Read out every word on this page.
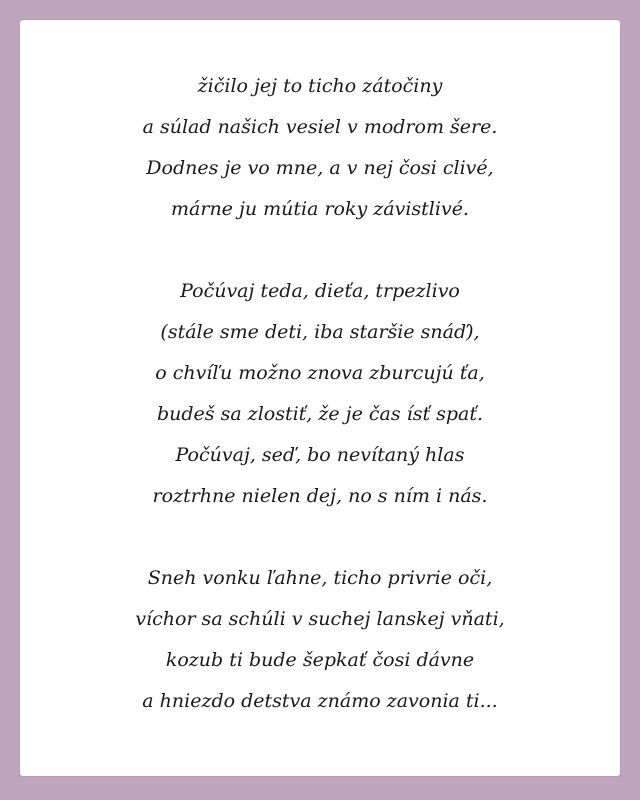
žičilo jej to ticho zátočiny
a súlad našich vesiel v modrom šere.
Dodnes je vo mne, a v nej čosi clivé,
márne ju mútia roky závistlivé.
Počúvaj teda, dieťa, trpezlivo
(stále sme deti, iba staršie snáď),
o chvíľu možno znova zburcujú ťa,
budeš sa zlostiť, že je čas ísť spať.
Počúvaj, seď, bo nevítaný hlas
roztrhne nielen dej, no s ním i nás.
Sneh vonku ľahne, ticho privrie oči,
víchor sa schúli v suchej lanskej vňati,
kozub ti bude šepkať čosi dávne
a hniezdo detstva známo zavonia ti...
